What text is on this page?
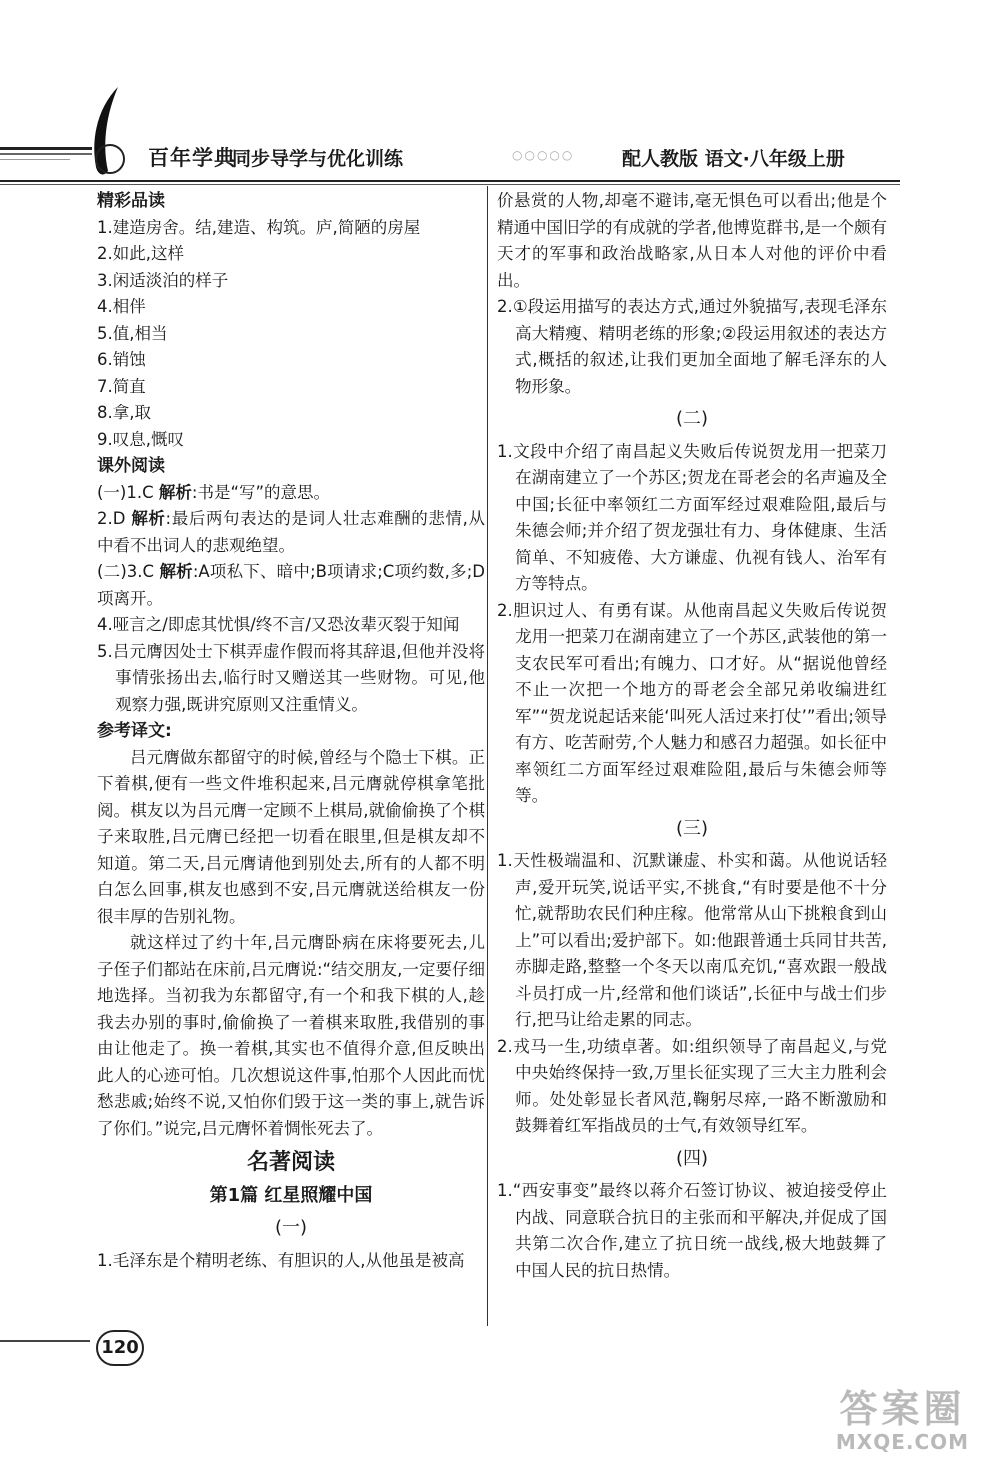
百年学典
同步导学与优化训练	○○○○○	配人教版 语文·八年级上册
精彩品读
1.建造房舍。结,建造、构筑。庐,简陋的房屋
2.如此,这样
3.闲适淡泊的样子
4.相伴
5.值,相当
6.销蚀
7.简直
8.拿,取
9.叹息,慨叹
课外阅读
(一)1.C 解析:书是“写”的意思。
2.D 解析:最后两句表达的是词人壮志难酬的悲情,从中看不出词人的悲观绝望。
(二)3.C 解析:A项私下、暗中;B项请求;C项约数,多;D项离开。
4.哑言之/即虑其忧惧/终不言/又恐汝辈灭裂于知闻
5.吕元膺因处士下棋弄虚作假而将其辞退,但他并没将事情张扬出去,临行时又赠送其一些财物。可见,他观察力强,既讲究原则又注重情义。
参考译文:
吕元膺做东都留守的时候,曾经与个隐士下棋。正下着棋,便有一些文件堆积起来,吕元膺就停棋拿笔批阅。棋友以为吕元膺一定顾不上棋局,就偷偷换了个棋子来取胜,吕元膺已经把一切看在眼里,但是棋友却不知道。第二天,吕元膺请他到别处去,所有的人都不明白怎么回事,棋友也感到不安,吕元膺就送给棋友一份很丰厚的告别礼物。
就这样过了约十年,吕元膺卧病在床将要死去,儿子侄子们都站在床前,吕元膺说:“结交朋友,一定要仔细地选择。当初我为东都留守,有一个和我下棋的人,趁我去办别的事时,偷偷换了一着棋来取胜,我借别的事由让他走了。换一着棋,其实也不值得介意,但反映出此人的心迹可怕。几次想说这件事,怕那个人因此而忧愁悲戚;始终不说,又怕你们毁于这一类的事上,就告诉了你们。”说完,吕元膺怀着惆怅死去了。
名著阅读
第1篇 红星照耀中国
(一)
1.毛泽东是个精明老练、有胆识的人,从他虽是被高
价悬赏的人物,却毫不避讳,毫无惧色可以看出;他是个精通中国旧学的有成就的学者,他博览群书,是一个颇有天才的军事和政治战略家,从日本人对他的评价中看出。
2.①段运用描写的表达方式,通过外貌描写,表现毛泽东高大精瘦、精明老练的形象;②段运用叙述的表达方式,概括的叙述,让我们更加全面地了解毛泽东的人物形象。
(二)
1.文段中介绍了南昌起义失败后传说贺龙用一把菜刀在湖南建立了一个苏区;贺龙在哥老会的名声遍及全中国;长征中率领红二方面军经过艰难险阻,最后与朱德会师;并介绍了贺龙强壮有力、身体健康、生活简单、不知疲倦、大方谦虚、仇视有钱人、治军有方等特点。
2.胆识过人、有勇有谋。从他南昌起义失败后传说贺龙用一把菜刀在湖南建立了一个苏区,武装他的第一支农民军可看出;有魄力、口才好。从“据说他曾经不止一次把一个地方的哥老会全部兄弟收编进红军”“贺龙说起话来能‘叫死人活过来打仗’”看出;领导有方、吃苦耐劳,个人魅力和感召力超强。如长征中率领红二方面军经过艰难险阻,最后与朱德会师等等。
(三)
1.天性极端温和、沉默谦虚、朴实和蔼。从他说话轻声,爱开玩笑,说话平实,不挑食,“有时要是他不十分忙,就帮助农民们种庄稼。他常常从山下挑粮食到山上”可以看出;爱护部下。如:他跟普通士兵同甘共苦,赤脚走路,整整一个冬天以南瓜充饥,“喜欢跟一般战斗员打成一片,经常和他们谈话”,长征中与战士们步行,把马让给走累的同志。
2.戎马一生,功绩卓著。如:组织领导了南昌起义,与党中央始终保持一致,万里长征实现了三大主力胜利会师。处处彰显长者风范,鞠躬尽瘁,一路不断激励和鼓舞着红军指战员的士气,有效领导红军。
(四)
1.“西安事变”最终以蒋介石签订协议、被迫接受停止内战、同意联合抗日的主张而和平解决,并促成了国共第二次合作,建立了抗日统一战线,极大地鼓舞了中国人民的抗日热情。
120
答案圈
MXQE.COM
